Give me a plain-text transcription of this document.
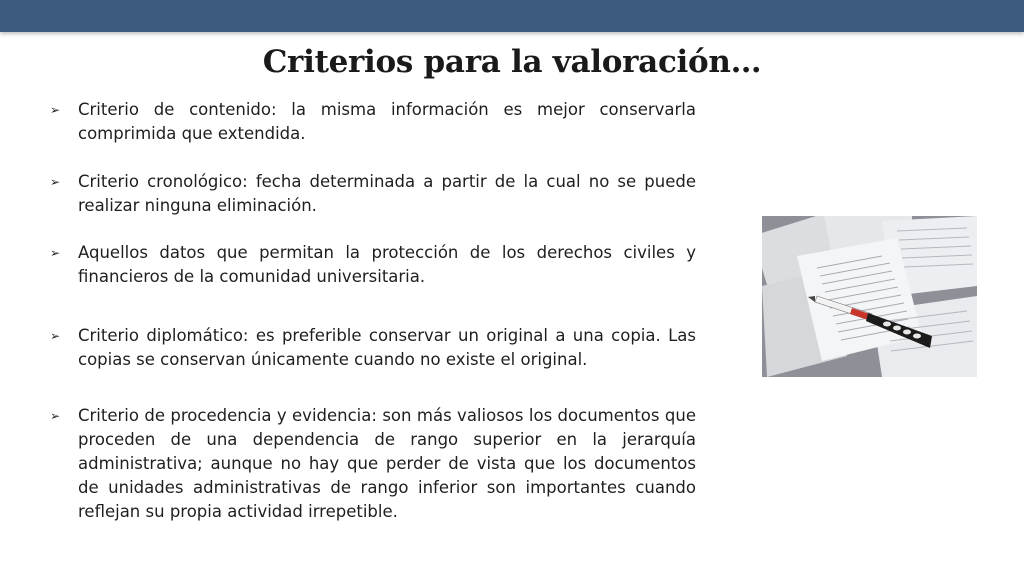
Criterios para la valoración…
➢	Criterio de contenido: la misma información es mejor conservarla comprimida que extendida.
➢	Criterio cronológico: fecha determinada a partir de la cual no se puede realizar ninguna eliminación.
➢	Aquellos datos que permitan la protección de los derechos civiles y financieros de la comunidad universitaria.
➢	Criterio diplomático: es preferible conservar un original a una copia. Las copias se conservan únicamente cuando no existe el original.
➢	Criterio de procedencia y evidencia: son más valiosos los documentos que proceden de una dependencia de rango superior en la jerarquía administrativa; aunque no hay que perder de vista que los documentos de unidades administrativas de rango inferior son importantes cuando reflejan su propia actividad irrepetible.
